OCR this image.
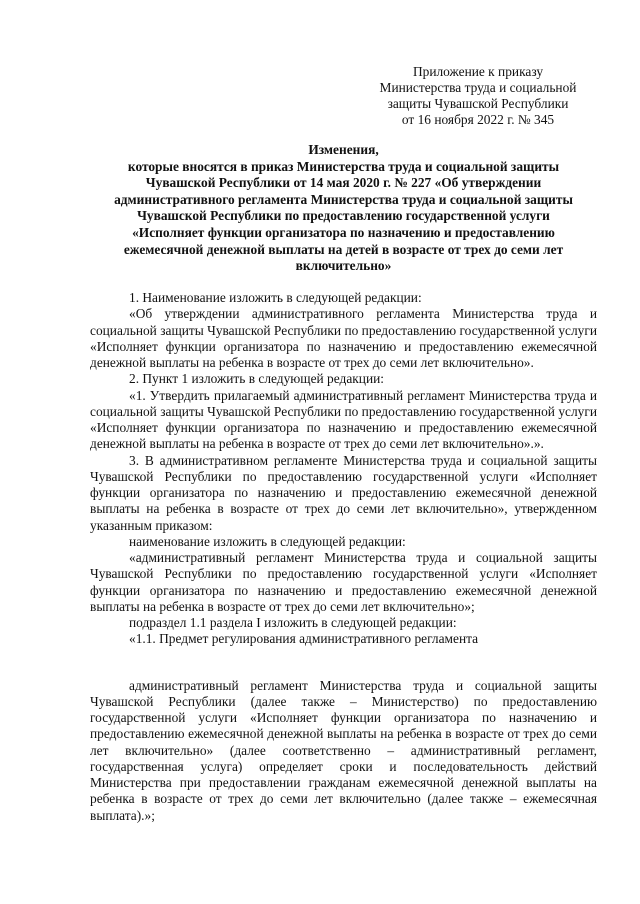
Приложение к приказу
Министерства труда и социальной
защиты Чувашской Республики
от 16 ноября 2022 г. № 345
Изменения,
которые вносятся в приказ Министерства труда и социальной защиты
Чувашской Республики от 14 мая 2020 г. № 227 «Об утверждении
административного регламента Министерства труда и социальной защиты
Чувашской Республики по предоставлению государственной услуги
«Исполняет функции организатора по назначению и предоставлению
ежемесячной денежной выплаты на детей в возрасте от трех до семи лет
включительно»

1. Наименование изложить в следующей редакции:

«Об утверждении административного регламента Министерства труда и социальной защиты Чувашской Республики по предоставлению государственной услуги «Исполняет функции организатора по назначению и предоставлению ежемесячной денежной выплаты на ребенка в возрасте от трех до семи лет включительно».

2. Пункт 1 изложить в следующей редакции:

«1. Утвердить прилагаемый административный регламент Министерства труда и социальной защиты Чувашской Республики по предоставлению государственной услуги «Исполняет функции организатора по назначению и предоставлению ежемесячной денежной выплаты на ребенка в возрасте от трех до семи лет включительно».».

3. В административном регламенте Министерства труда и социальной защиты Чувашской Республики по предоставлению государственной услуги «Исполняет функции организатора по назначению и предоставлению ежемесячной денежной выплаты на ребенка в возрасте от трех до семи лет включительно», утвержденном указанным приказом:

наименование изложить в следующей редакции:

«административный регламент Министерства труда и социальной защиты Чувашской Республики по предоставлению государственной услуги «Исполняет функции организатора по назначению и предоставлению ежемесячной денежной выплаты на ребенка в возрасте от трех до семи лет включительно»;

подраздел 1.1 раздела I изложить в следующей редакции:

«1.1. Предмет регулирования административного регламента

административный регламент Министерства труда и социальной защиты Чувашской Республики (далее также – Министерство) по предоставлению государственной услуги «Исполняет функции организатора по назначению и предоставлению ежемесячной денежной выплаты на ребенка в возрасте от трех до семи лет включительно» (далее соответственно – административный регламент, государственная услуга) определяет сроки и последовательность действий Министерства при предоставлении гражданам ежемесячной денежной выплаты на ребенка в возрасте от трех до семи лет включительно (далее также – ежемесячная выплата).»;
